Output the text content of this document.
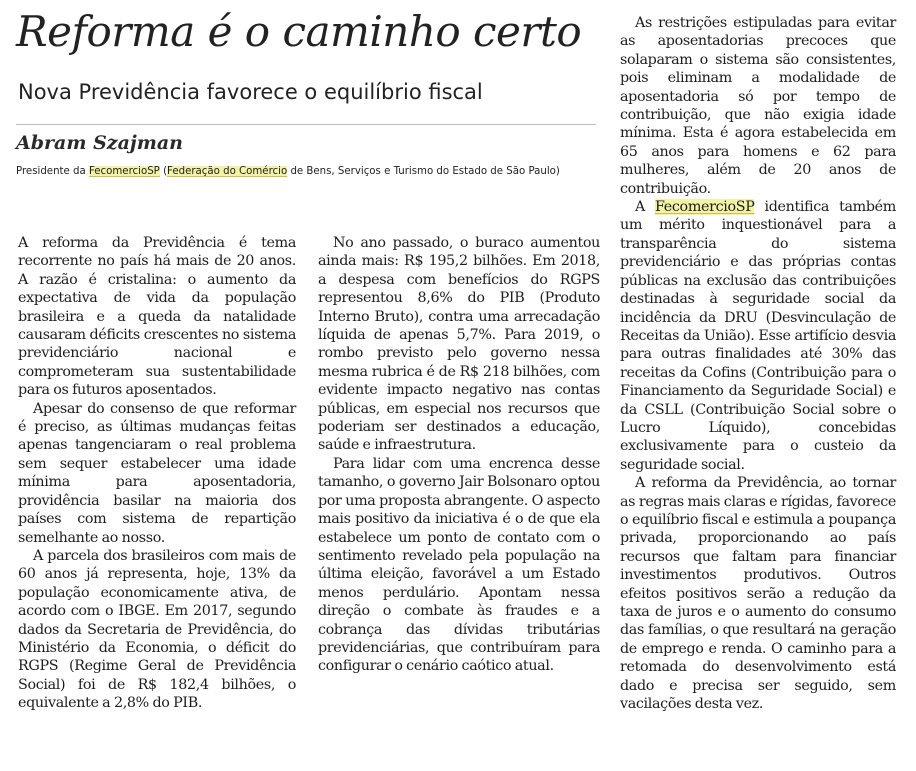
Reforma é o caminho certo
Nova Previdência favorece o equilíbrio fiscal
Abram Szajman
Presidente da FecomercioSP (Federação do Comércio de Bens, Serviços e Turismo do Estado de São Paulo)

A reforma da Previdência é tema recorrente no país há mais de 20 anos. A razão é cristalina: o aumento da expectativa de vida da população brasileira e a queda da natalidade causaram déficits crescentes no sistema previdenciário nacional e comprometeram sua sustentabilidade para os futuros aposentados.

Apesar do consenso de que reformar é preciso, as últimas mudanças feitas apenas tangenciaram o real problema sem sequer estabelecer uma idade mínima para aposentadoria, providência basilar na maioria dos países com sistema de repartição semelhante ao nosso.

A parcela dos brasileiros com mais de 60 anos já representa, hoje, 13% da população economicamente ativa, de acordo com o IBGE. Em 2017, segundo dados da Secretaria de Previdência, do Ministério da Economia, o déficit do RGPS (Regime Geral de Previdência Social) foi de R$ 182,4 bilhões, o equivalente a 2,8% do PIB.

No ano passado, o buraco aumentou ainda mais: R$ 195,2 bilhões. Em 2018, a despesa com benefícios do RGPS representou 8,6% do PIB (Produto Interno Bruto), contra uma arrecadação líquida de apenas 5,7%. Para 2019, o rombo previsto pelo governo nessa mesma rubrica é de R$ 218 bilhões, com evidente impacto negativo nas contas públicas, em especial nos recursos que poderiam ser destinados a educação, saúde e infraestrutura.

Para lidar com uma encrenca desse tamanho, o governo Jair Bolsonaro optou por uma proposta abrangente. O aspecto mais positivo da iniciativa é o de que ela estabelece um ponto de contato com o sentimento revelado pela população na última eleição, favorável a um Estado menos perdulário. Apontam nessa direção o combate às fraudes e a cobrança das dívidas tributárias previdenciárias, que contribuíram para configurar o cenário caótico atual.

As restrições estipuladas para evitar as aposentadorias precoces que solaparam o sistema são consistentes, pois eliminam a modalidade de aposentadoria só por tempo de contribuição, que não exigia idade mínima. Esta é agora estabelecida em 65 anos para homens e 62 para mulheres, além de 20 anos de contribuição.

A FecomercioSP identifica também um mérito inquestionável para a transparência do sistema previdenciário e das próprias contas públicas na exclusão das contribuições destinadas à seguridade social da incidência da DRU (Desvinculação de Receitas da União). Esse artifício desvia para outras finalidades até 30% das receitas da Cofins (Contribuição para o Financiamento da Seguridade Social) e da CSLL (Contribuição Social sobre o Lucro Líquido), concebidas exclusivamente para o custeio da seguridade social.

A reforma da Previdência, ao tornar as regras mais claras e rígidas, favorece o equilíbrio fiscal e estimula a poupança privada, proporcionando ao país recursos que faltam para financiar investimentos produtivos. Outros efeitos positivos serão a redução da taxa de juros e o aumento do consumo das famílias, o que resultará na geração de emprego e renda. O caminho para a retomada do desenvolvimento está dado e precisa ser seguido, sem vacilações desta vez.
